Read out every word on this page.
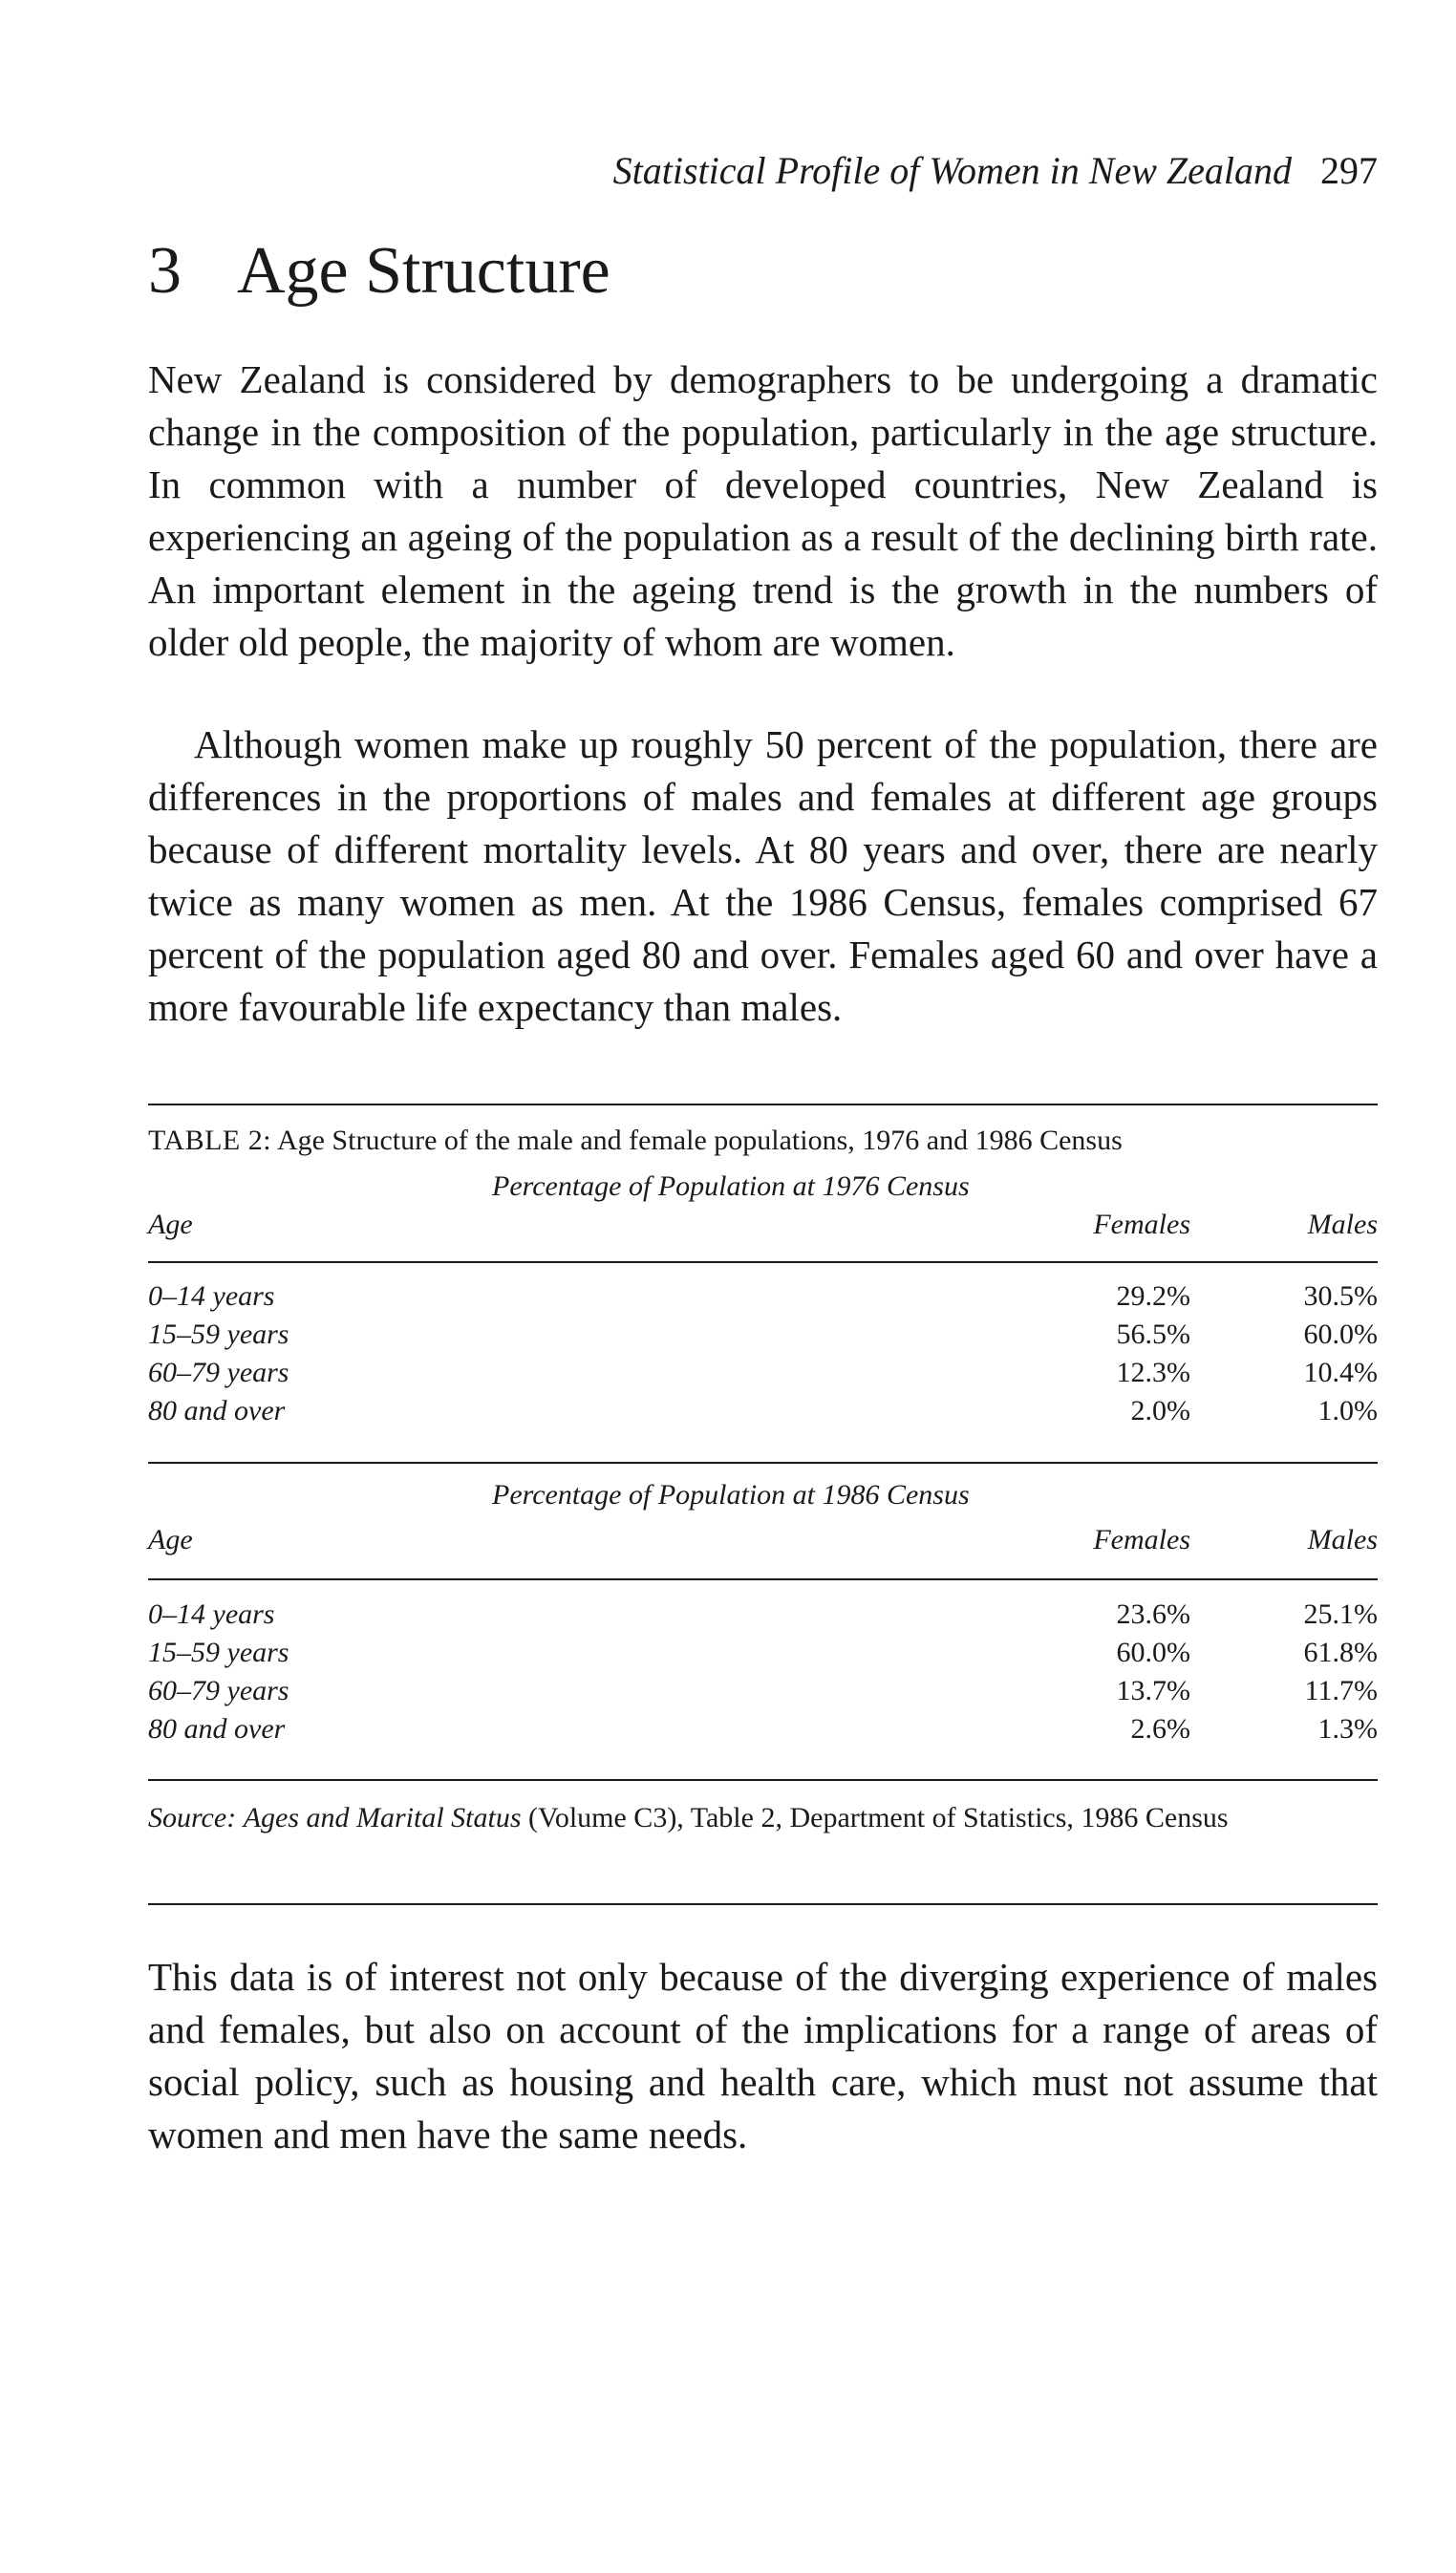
Statistical Profile of Women in New Zealand 297
3 Age Structure

New Zealand is considered by demographers to be undergoing a dramatic change in the composition of the population, particularly in the age structure. In common with a number of developed countries, New Zealand is experiencing an ageing of the population as a result of the declining birth rate. An important element in the ageing trend is the growth in the numbers of older old people, the majority of whom are women.

Although women make up roughly 50 percent of the population, there are differences in the proportions of males and females at different age groups because of different mortality levels. At 80 years and over, there are nearly twice as many women as men. At the 1986 Census, females comprised 67 percent of the population aged 80 and over. Females aged 60 and over have a more favourable life expectancy than males.

TABLE 2: Age Structure of the male and female populations, 1976 and 1986 Census
Percentage of Population at 1976 Census
Age	Females	Males
0–14 years	29.2%	30.5%
15–59 years	56.5%	60.0%
60–79 years	12.3%	10.4%
80 and over	2.0%	1.0%
Percentage of Population at 1986 Census
Age	Females	Males
0–14 years	23.6%	25.1%
15–59 years	60.0%	61.8%
60–79 years	13.7%	11.7%
80 and over	2.6%	1.3%
Source: Ages and Marital Status (Volume C3), Table 2, Department of Statistics, 1986 Census

This data is of interest not only because of the diverging experience of males and females, but also on account of the implications for a range of areas of social policy, such as housing and health care, which must not assume that women and men have the same needs.
